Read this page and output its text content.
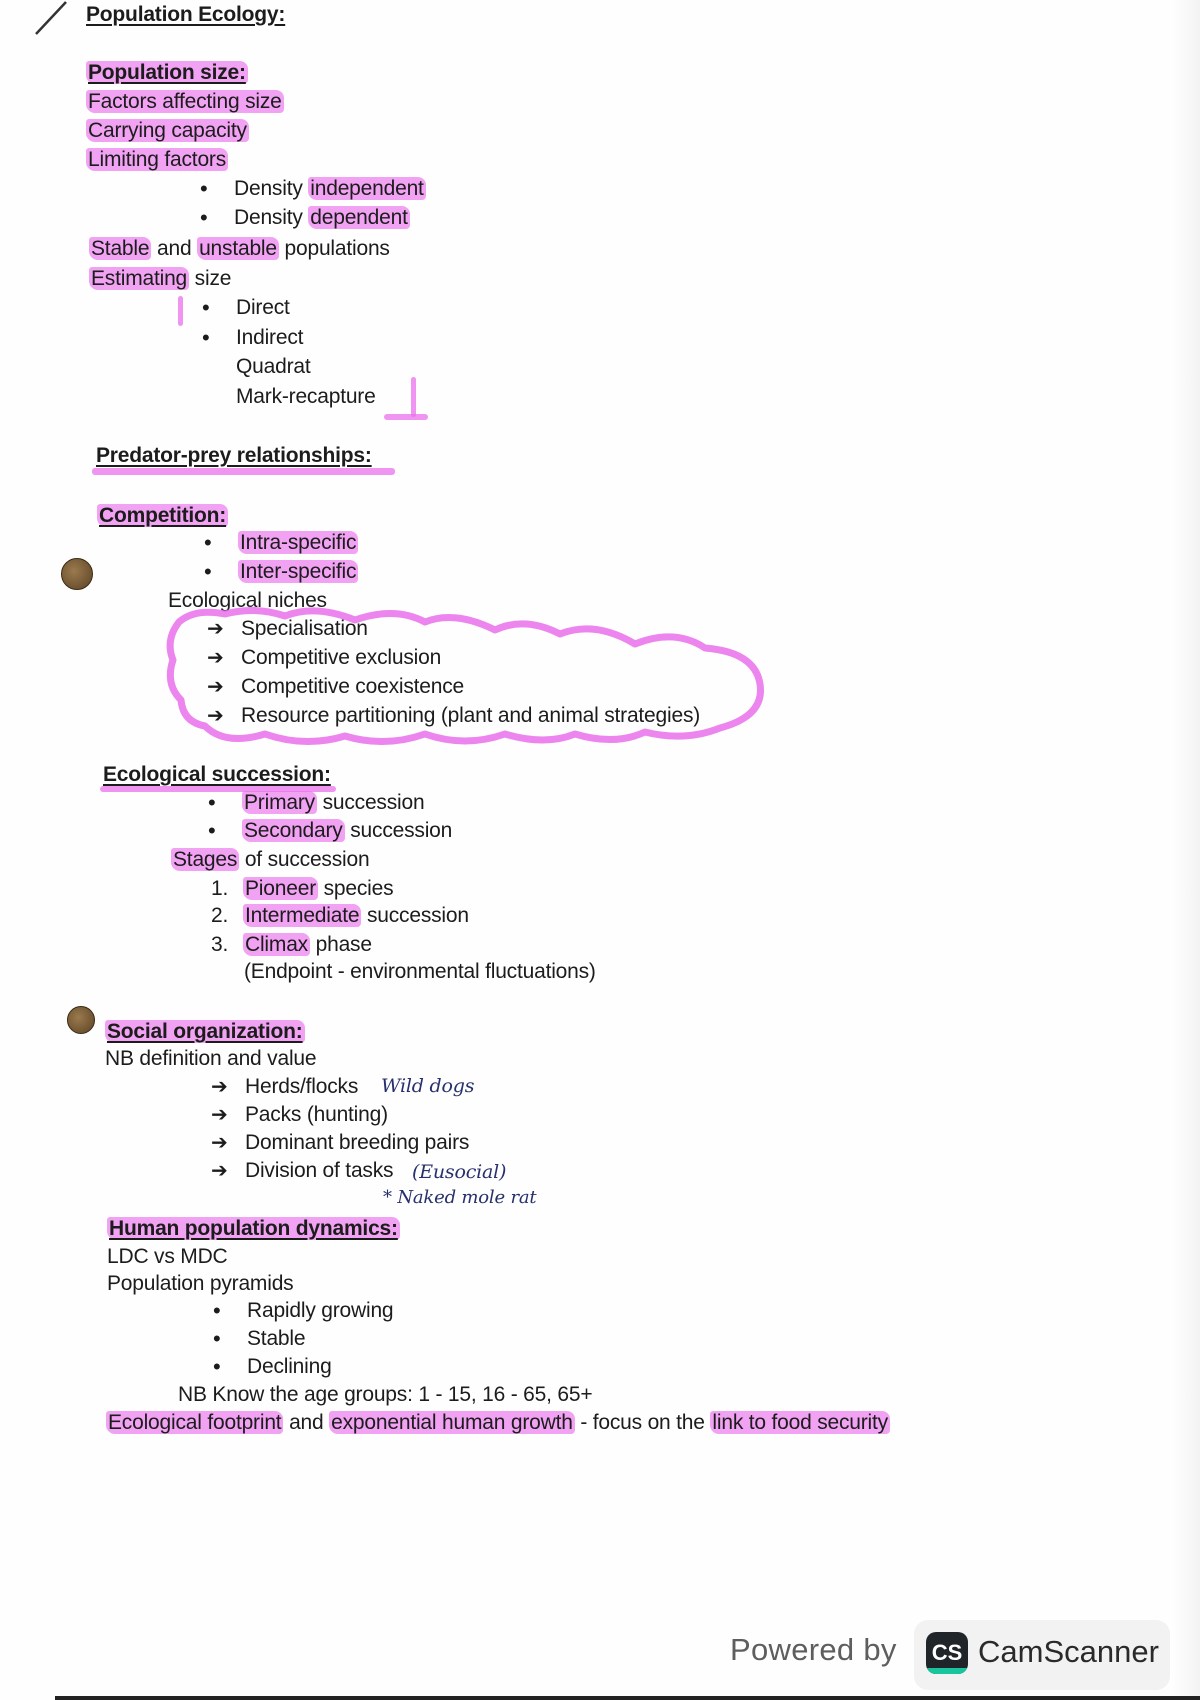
Population Ecology:
Population size:
Factors affecting size
Carrying capacity
Limiting factors
• Density independent
• Density dependent
Stable and unstable populations
Estimating size
• Direct
• Indirect
Quadrat
Mark-recapture
Predator-prey relationships:
Competition:
• Intra-specific
• Inter-specific
Ecological niches
➔ Specialisation
➔ Competitive exclusion
➔ Competitive coexistence
➔ Resource partitioning (plant and animal strategies)
Ecological succession:
• Primary succession
• Secondary succession
Stages of succession
1. Pioneer species
2. Intermediate succession
3. Climax phase
(Endpoint - environmental fluctuations)
Social organization:
NB definition and value
➔ Herds/flocks Wild dogs
➔ Packs (hunting)
➔ Dominant breeding pairs
➔ Division of tasks (Eusocial)
* Naked mole rat
Human population dynamics:
LDC vs MDC
Population pyramids
• Rapidly growing
• Stable
• Declining
NB Know the age groups: 1 - 15, 16 - 65, 65+
Ecological footprint and exponential human growth - focus on the link to food security
Powered by CS CamScanner
